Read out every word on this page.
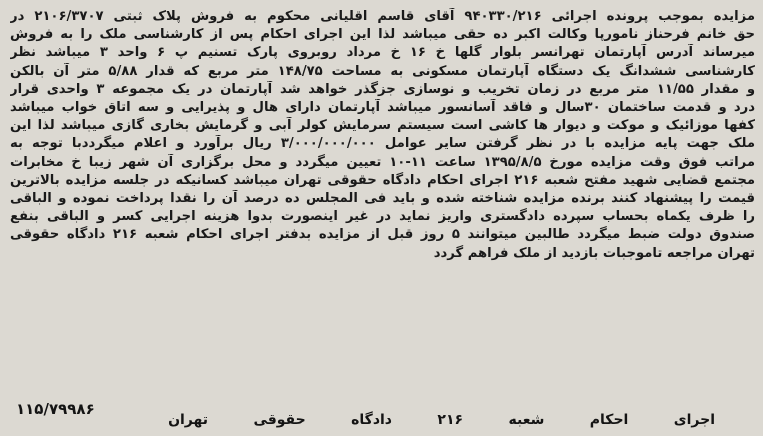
مزایده بموجب پرونده اجرائی ۹۴۰۳۳۰/۲۱۶ آقای قاسم اقلیانی محکوم به فروش پلاک ثبتی ۲۱۰۶/۳۷۰۷ در
حق خانم فرحناز نامورپا وکالت اکبر ده حقی میباشد لذا این اجرای احکام پس از کارشناسی ملک را به فروش
میرساند آدرس آپارتمان تهرانسر بلوار گلها خ ۱۶ خ مرداد روبروی پارک تسنیم پ ۶ واحد ۳ میباشد نظر
کارشناسی ششدانگ یک دستگاه آپارتمان مسکونی به مساحت ۱۴۸/۷۵ متر مربع که قدار ۵/۸۸ متر آن بالکن
و مقدار ۱۱/۵۵ متر مربع در زمان تخریب و نوسازی جزگذر خواهد شد آپارتمان در یک مجموعه ۳ واحدی قرار
درد و قدمت ساختمان ۳۰سال و فاقد آسانسور میباشد آپارتمان دارای هال و پذیرایی و سه اتاق خواب میباشد
کفها موزائیک و موکت و دیوار ها کاشی است سیستم سرمایش کولر آبی و گرمایش بخاری گازی میباشد لذا این
ملک جهت پایه مزایده با در نظر گرفتن سایر عوامل ۳/۰۰۰/۰۰۰/۰۰۰ ریال برآورد و اعلام میگرددبا توجه به
مراتب فوق وقت مزایده مورخ ۱۳۹۵/۸/۵ ساعت ۱۱-۱۰ تعیین میگردد و محل برگزاری آن شهر زیبا خ مخابرات
مجتمع قضایی شهید مفتح شعبه ۲۱۶ اجرای احکام دادگاه حقوقی تهران میباشد کسانیکه در جلسه مزایده بالاترین
قیمت را پیشنهاد کنند برنده مزایده شناخته شده و باید فی المجلس ده درصد آن را نقدا پرداخت نموده و الباقی
را ظرف یکماه بحساب سپرده دادگستری واریز نماید در غیر اینصورت بدوا هزینه اجرایی کسر و الباقی بنفع
صندوق دولت ضبط میگردد طالبین میتوانند ۵ روز قبل از مزایده بدفتر اجرای احکام شعبه ۲۱۶ دادگاه حقوقی
تهران مراجعه تاموجبات بازدید از ملک فراهم گردد
اجرای
احکام
شعبه
۲۱۶
دادگاه
حقوقی
تهران
۱۱۵/۷۹۹۸۶
